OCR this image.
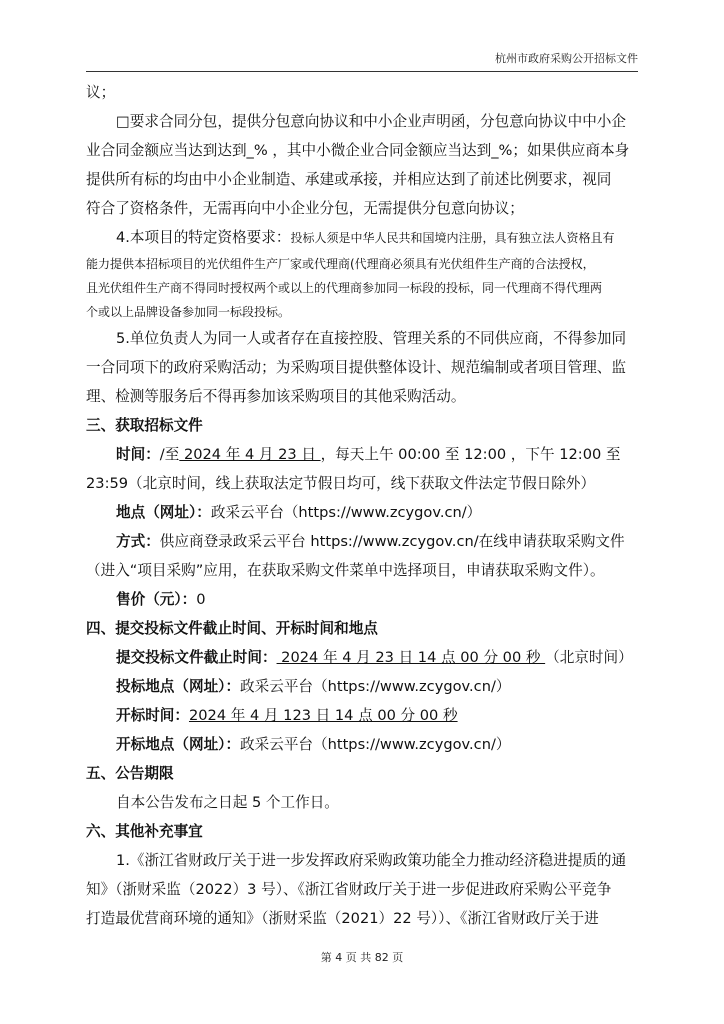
杭州市政府采购公开招标文件

议；

□要求合同分包，提供分包意向协议和中小企业声明函，分包意向协议中中小企

业合同金额应当达到达到_% ，其中小微企业合同金额应当达到_%；如果供应商本身

提供所有标的均由中小企业制造、承建或承接，并相应达到了前述比例要求，视同

符合了资格条件，无需再向中小企业分包，无需提供分包意向协议；

4.本项目的特定资格要求：投标人须是中华人民共和国境内注册，具有独立法人资格且有

能力提供本招标项目的光伏组件生产厂家或代理商(代理商必须具有光伏组件生产商的合法授权，

且光伏组件生产商不得同时授权两个或以上的代理商参加同一标段的投标，同一代理商不得代理两

个或以上品牌设备参加同一标段投标。

5.单位负责人为同一人或者存在直接控股、管理关系的不同供应商，不得参加同

一合同项下的政府采购活动；为采购项目提供整体设计、规范编制或者项目管理、监

理、检测等服务后不得再参加该采购项目的其他采购活动。

三、获取招标文件

时间：/至 2024 年 4 月 23 日 ，每天上午 00:00 至 12:00 ，下午 12:00 至

23:59（北京时间，线上获取法定节假日均可，线下获取文件法定节假日除外）

地点（网址）：政采云平台（https://www.zcygov.cn/）

方式：供应商登录政采云平台 https://www.zcygov.cn/在线申请获取采购文件

（进入“项目采购”应用，在获取采购文件菜单中选择项目，申请获取采购文件）。

售价（元）：0

四、提交投标文件截止时间、开标时间和地点

提交投标文件截止时间： 2024 年 4 月 23 日 14 点 00 分 00 秒 （北京时间）

投标地点（网址）：政采云平台（https://www.zcygov.cn/）

开标时间：2024 年 4 月 123 日 14 点 00 分 00 秒

开标地点（网址）：政采云平台（https://www.zcygov.cn/）

五、公告期限

自本公告发布之日起 5 个工作日。

六、其他补充事宜

1.《浙江省财政厅关于进一步发挥政府采购政策功能全力推动经济稳进提质的通

知》（浙财采监（2022）3 号）、《浙江省财政厅关于进一步促进政府采购公平竞争

打造最优营商环境的通知》（浙财采监（2021）22 号））、《浙江省财政厅关于进

第 4 页 共 82 页
